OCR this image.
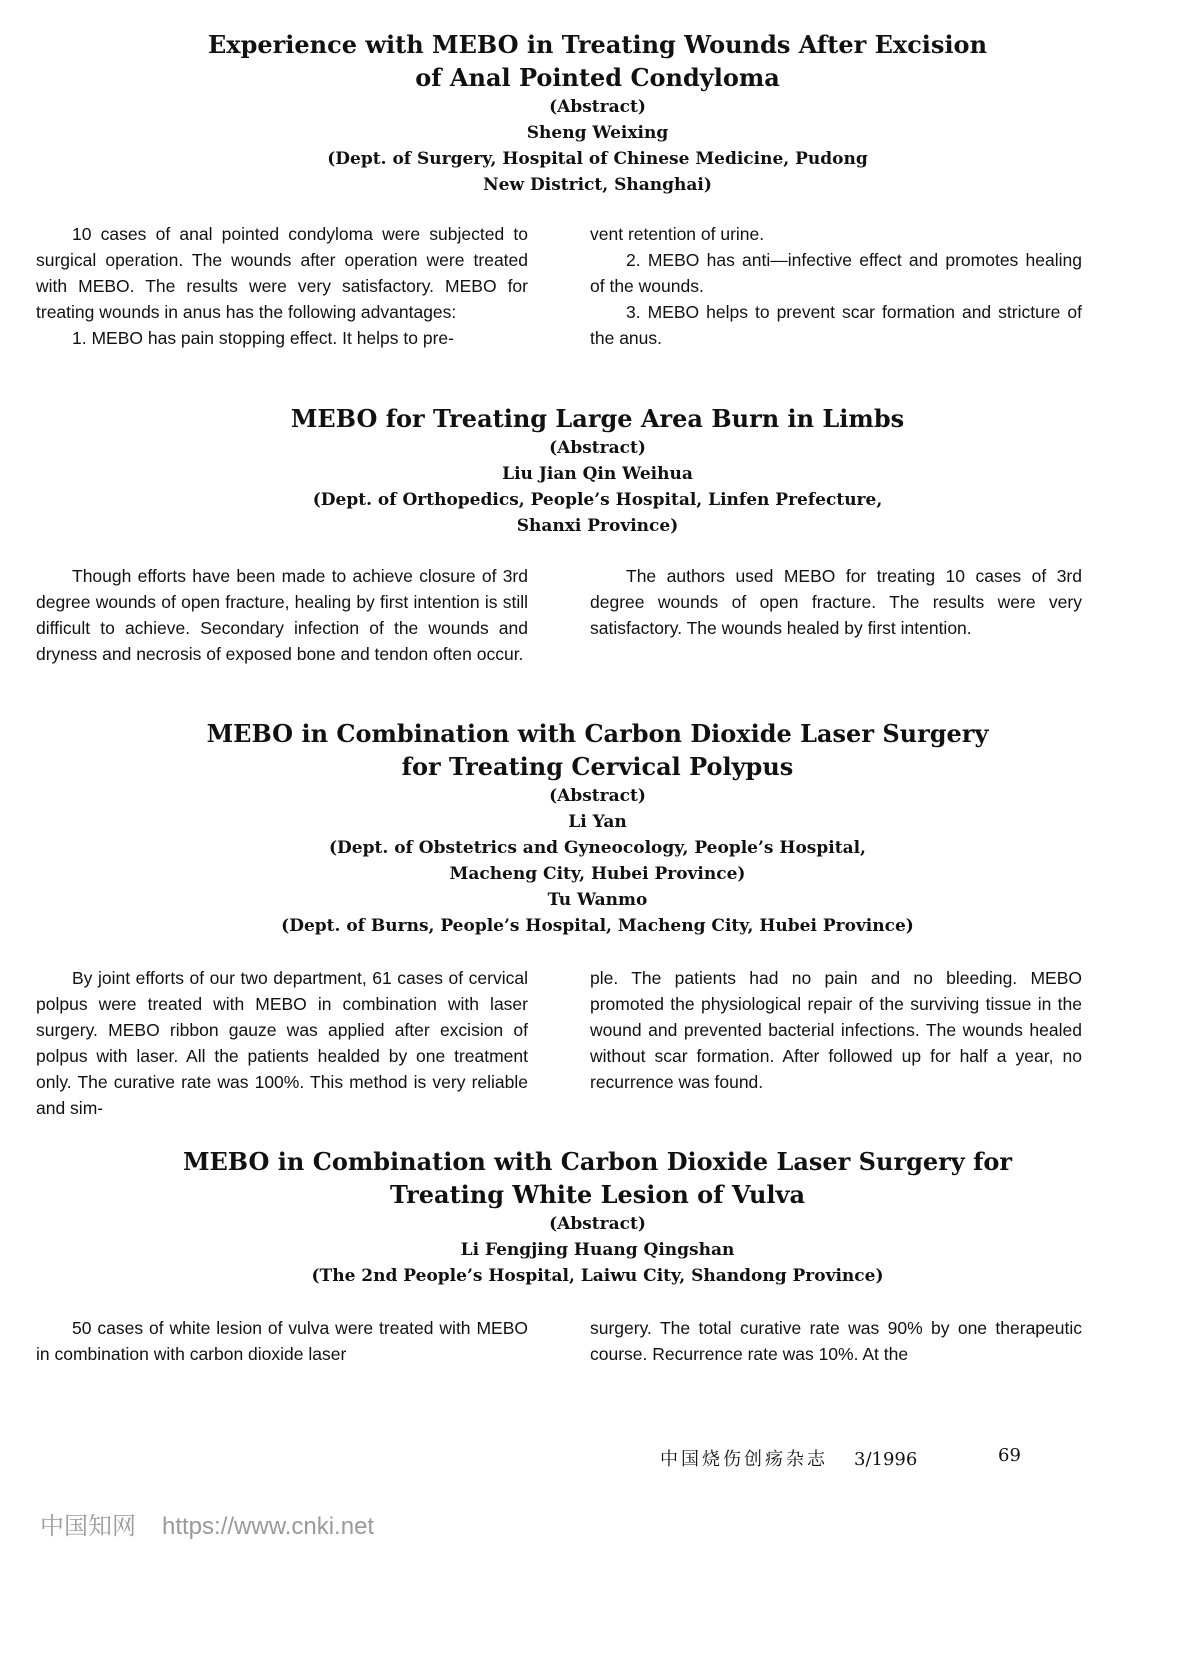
Experience with MEBO in Treating Wounds After Excision
of Anal Pointed Condyloma
(Abstract)
Sheng Weixing
(Dept. of Surgery, Hospital of Chinese Medicine, Pudong
New District, Shanghai)

10 cases of anal pointed condyloma were subjected to surgical operation. The wounds after operation were treated with MEBO. The results were very satisfactory. MEBO for treating wounds in anus has the following advantages:

1. MEBO has pain stopping effect. It helps to pre-

vent retention of urine.

2. MEBO has anti—infective effect and promotes healing of the wounds.

3. MEBO helps to prevent scar formation and stricture of the anus.

MEBO for Treating Large Area Burn in Limbs
(Abstract)
Liu Jian Qin Weihua
(Dept. of Orthopedics, People’s Hospital, Linfen Prefecture,
Shanxi Province)

Though efforts have been made to achieve closure of 3rd degree wounds of open fracture, healing by first intention is still difficult to achieve. Secondary infection of the wounds and dryness and necrosis of exposed bone and tendon often occur.

The authors used MEBO for treating 10 cases of 3rd degree wounds of open fracture. The results were very satisfactory. The wounds healed by first intention.

MEBO in Combination with Carbon Dioxide Laser Surgery
for Treating Cervical Polypus
(Abstract)
Li Yan
(Dept. of Obstetrics and Gyneocology, People’s Hospital,
Macheng City, Hubei Province)
Tu Wanmo
(Dept. of Burns, People’s Hospital, Macheng City, Hubei Province)

By joint efforts of our two department, 61 cases of cervical polpus were treated with MEBO in combination with laser surgery. MEBO ribbon gauze was applied after excision of polpus with laser. All the patients healded by one treatment only. The curative rate was 100%. This method is very reliable and sim-

ple. The patients had no pain and no bleeding. MEBO promoted the physiological repair of the surviving tissue in the wound and prevented bacterial infections. The wounds healed without scar formation. After followed up for half a year, no recurrence was found.

MEBO in Combination with Carbon Dioxide Laser Surgery for
Treating White Lesion of Vulva
(Abstract)
Li Fengjing Huang Qingshan
(The 2nd People’s Hospital, Laiwu City, Shandong Province)

50 cases of white lesion of vulva were treated with MEBO in combination with carbon dioxide laser

surgery. The total curative rate was 90% by one therapeutic course. Recurrence rate was 10%. At the

中国烧伤创疡杂志 3/1996	69
中国知网 https://www.cnki.net
